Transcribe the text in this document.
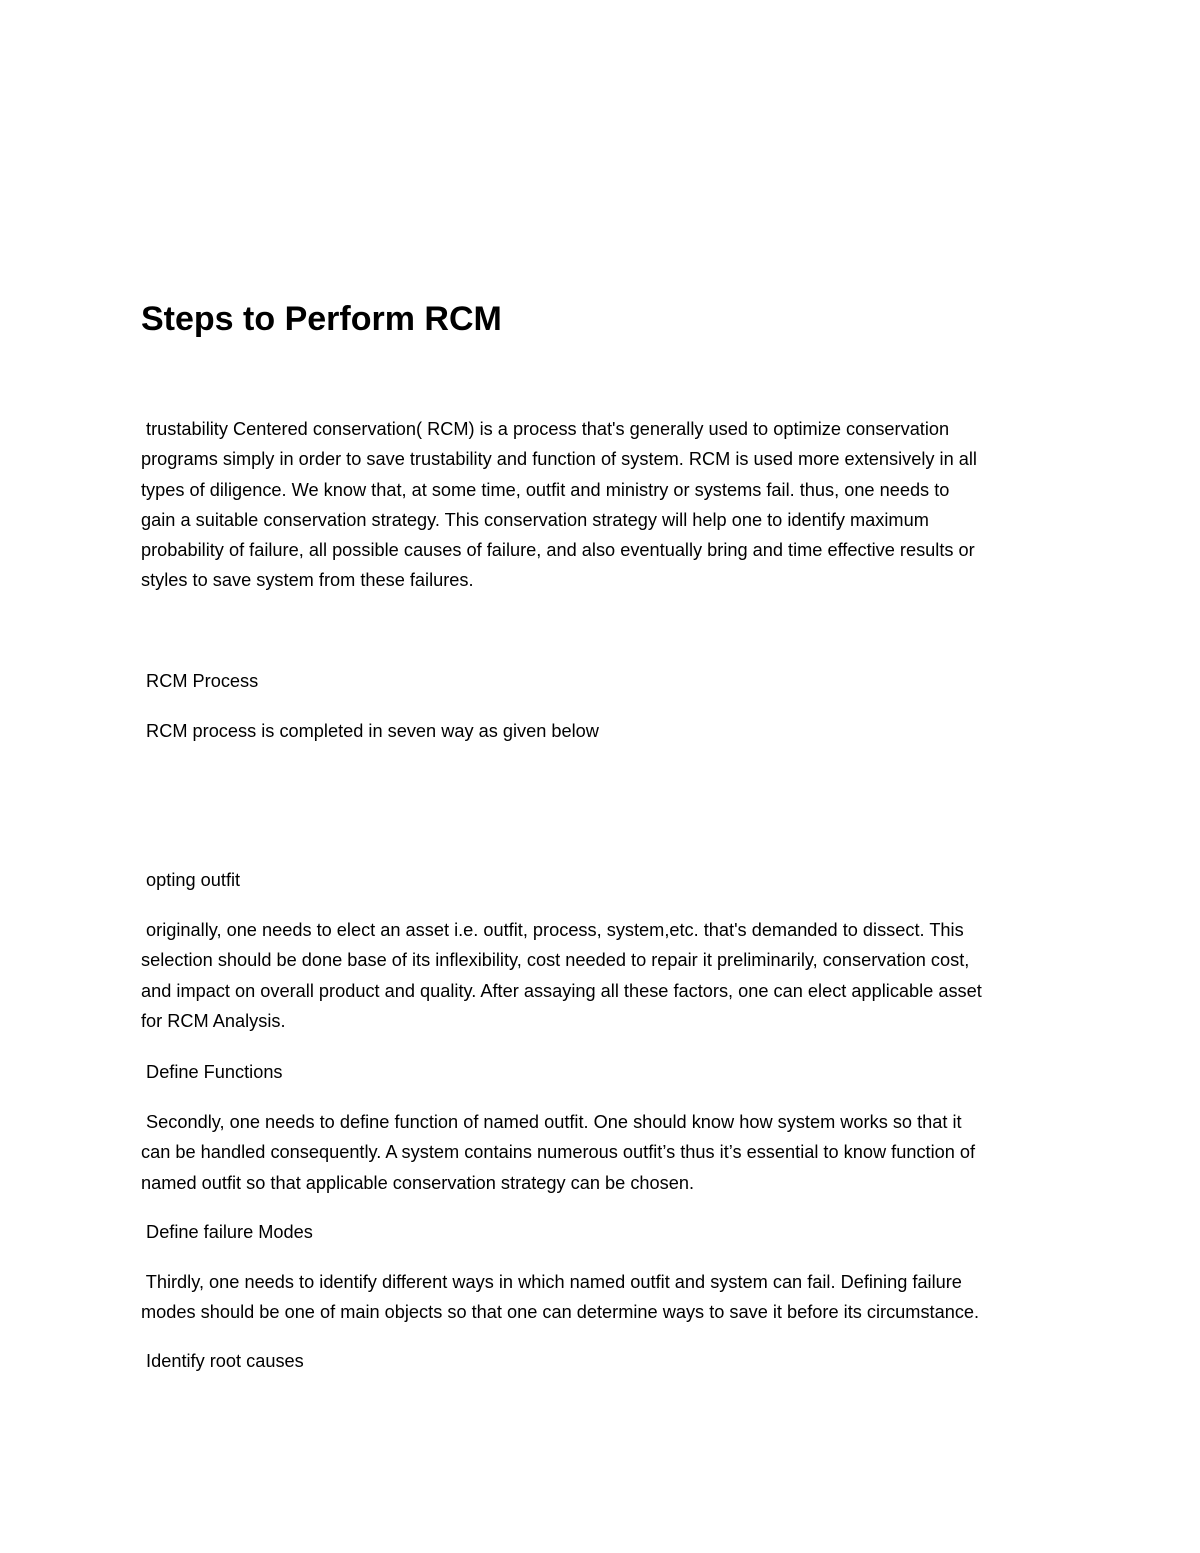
Steps to Perform RCM
trustability Centered conservation( RCM) is a process that's generally used to optimize conservation
programs simply in order to save trustability and function of system. RCM is used more extensively in all
types of diligence. We know that, at some time, outfit and ministry or systems fail. thus, one needs to
gain a suitable conservation strategy. This conservation strategy will help one to identify maximum
probability of failure, all possible causes of failure, and also eventually bring and time effective results or
styles to save system from these failures.

RCM Process

RCM process is completed in seven way as given below

opting outfit

originally, one needs to elect an asset i.e. outfit, process, system,etc. that's demanded to dissect. This
selection should be done base of its inflexibility, cost needed to repair it preliminarily, conservation cost,
and impact on overall product and quality. After assaying all these factors, one can elect applicable asset
for RCM Analysis.

Define Functions

Secondly, one needs to define function of named outfit. One should know how system works so that it
can be handled consequently. A system contains numerous outfit’s thus it’s essential to know function of
named outfit so that applicable conservation strategy can be chosen.

Define failure Modes

Thirdly, one needs to identify different ways in which named outfit and system can fail. Defining failure
modes should be one of main objects so that one can determine ways to save it before its circumstance.

Identify root causes
